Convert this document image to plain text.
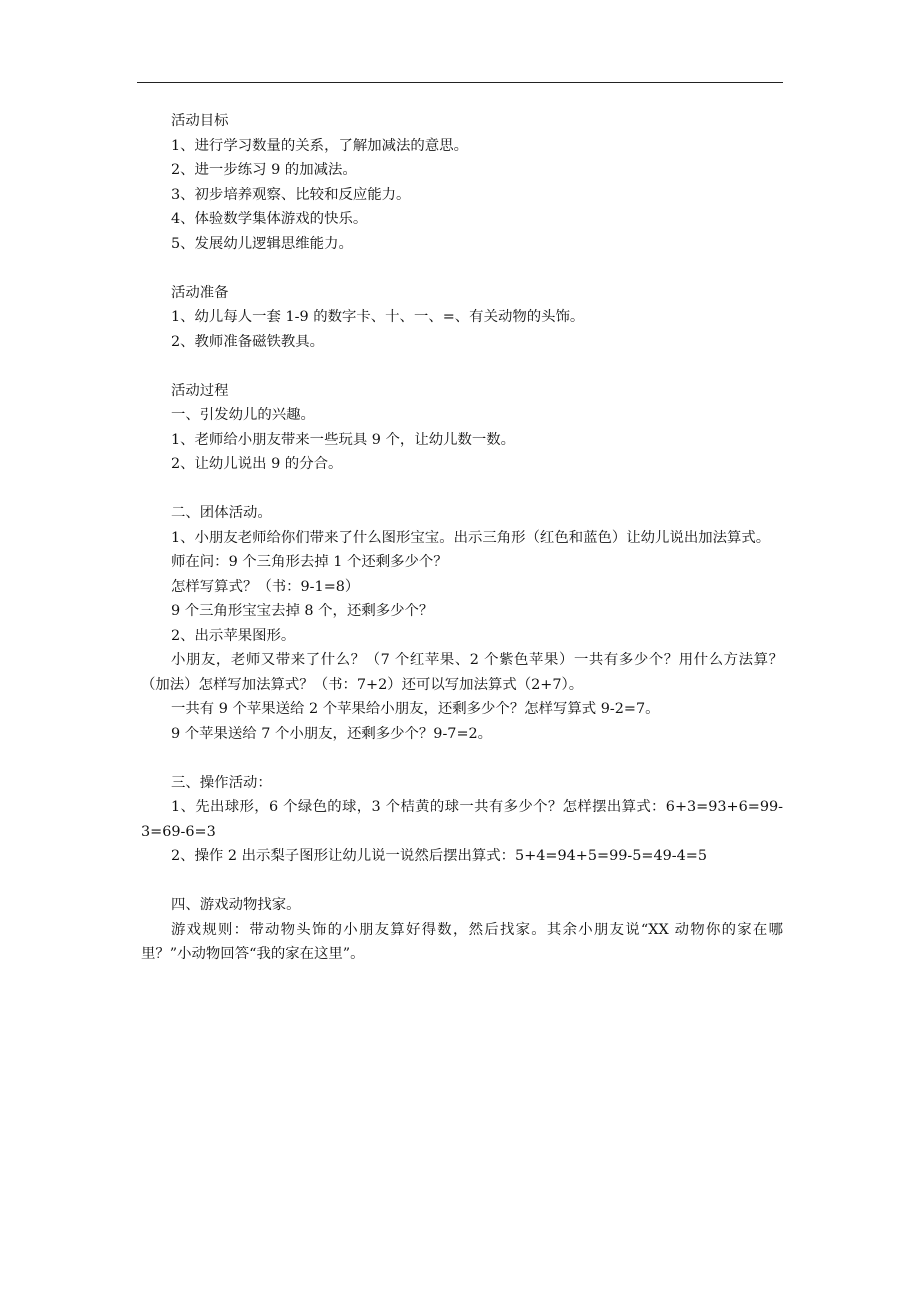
活动目标
1、进行学习数量的关系，了解加减法的意思。
2、进一步练习 9 的加减法。
3、初步培养观察、比较和反应能力。
4、体验数学集体游戏的快乐。
5、发展幼儿逻辑思维能力。
活动准备
1、幼儿每人一套 1-9 的数字卡、十、一、=、有关动物的头饰。
2、教师准备磁铁教具。
活动过程
一、引发幼儿的兴趣。
1、老师给小朋友带来一些玩具 9 个，让幼儿数一数。
2、让幼儿说出 9 的分合。
二、团体活动。
1、小朋友老师给你们带来了什么图形宝宝。出示三角形（红色和蓝色）让幼儿说出加法算式。
师在问：9 个三角形去掉 1 个还剩多少个？
怎样写算式？（书：9-1=8）
9 个三角形宝宝去掉 8 个，还剩多少个？
2、出示苹果图形。
小朋友，老师又带来了什么？（7 个红苹果、2 个紫色苹果）一共有多少个？用什么方法算？（加法）怎样写加法算式？（书：7+2）还可以写加法算式（2+7）。
一共有 9 个苹果送给 2 个苹果给小朋友，还剩多少个？怎样写算式 9-2=7。
9 个苹果送给 7 个小朋友，还剩多少个？9-7=2。
三、操作活动：
1、先出球形，6 个绿色的球，3 个桔黄的球一共有多少个？怎样摆出算式：6+3=93+6=99-3=69-6=3
2、操作 2 出示梨子图形让幼儿说一说然后摆出算式：5+4=94+5=99-5=49-4=5
四、游戏动物找家。
游戏规则：带动物头饰的小朋友算好得数，然后找家。其余小朋友说“XX 动物你的家在哪里？”小动物回答“我的家在这里”。
